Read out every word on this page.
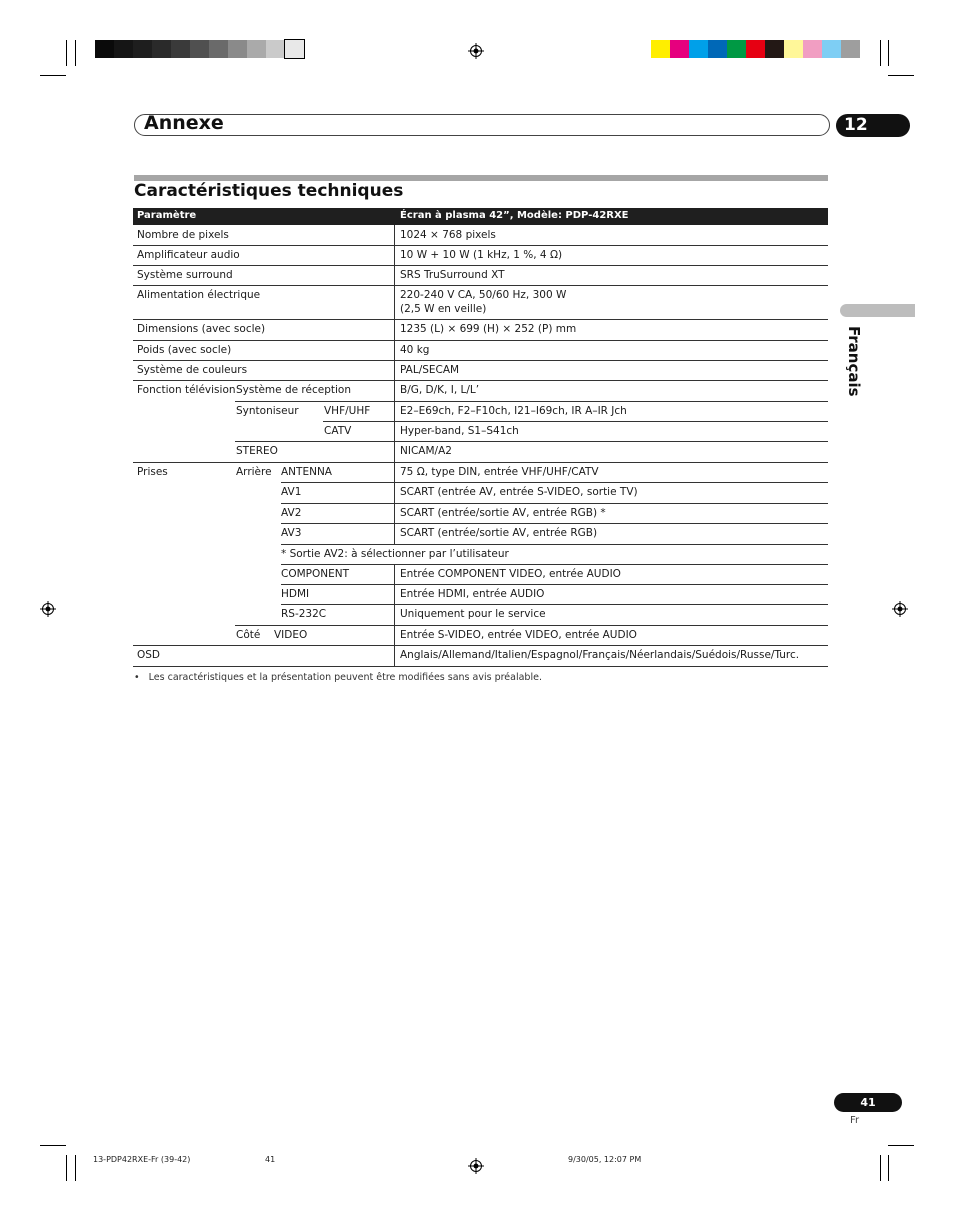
Annexe	12
Français
Caractéristiques techniques
Paramètre	Écran à plasma 42”, Modèle: PDP-42RXE
Nombre de pixels	1024 × 768 pixels
Amplificateur audio	10 W + 10 W (1 kHz, 1 %, 4 Ω)
Système surround	SRS TruSurround XT
Alimentation électrique	220-240 V CA, 50/60 Hz, 300 W
(2,5 W en veille)
Dimensions (avec socle)	1235 (L) × 699 (H) × 252 (P) mm
Poids (avec socle)	40 kg
Système de couleurs	PAL/SECAM
Fonction télévision Système de réception	B/G, D/K, I, L/L’
Syntoniseur VHF/UHF	E2–E69ch, F2–F10ch, I21–I69ch, IR A–IR Jch
CATV	Hyper-band, S1–S41ch
STEREO	NICAM/A2
Prises	Arrière ANTENNA	75 Ω, type DIN, entrée VHF/UHF/CATV
AV1	SCART (entrée AV, entrée S-VIDEO, sortie TV)
AV2	SCART (entrée/sortie AV, entrée RGB) *
AV3	SCART (entrée/sortie AV, entrée RGB)
* Sortie AV2: à sélectionner par l’utilisateur
COMPONENT	Entrée COMPONENT VIDEO, entrée AUDIO
HDMI	Entrée HDMI, entrée AUDIO
RS-232C	Uniquement pour le service
Côté VIDEO	Entrée S-VIDEO, entrée VIDEO, entrée AUDIO
OSD	Anglais/Allemand/Italien/Espagnol/Français/Néerlandais/Suédois/Russe/Turc.
•   Les caractéristiques et la présentation peuvent être modifiées sans avis préalable.
41
Fr
13-PDP42RXE-Fr (39-42)	41	9/30/05, 12:07 PM
